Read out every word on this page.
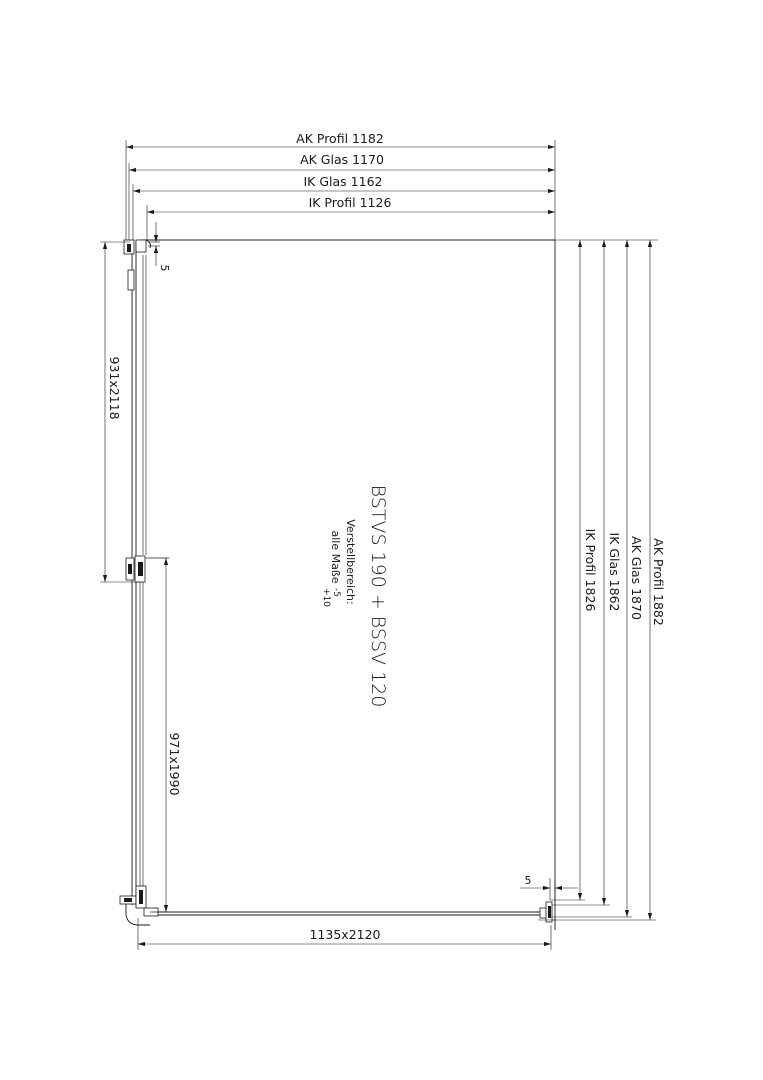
AK Profil 1182
AK Glas 1170
IK Glas 1162
IK Profil 1126
IK Profil 1826 IK Glas 1862 AK Glas 1870 AK Profil 1882
931x2118
971x1990
5
5
1135x2120
BSTVS 190 + BSSV 120
Verstellbereich:
alle Maße
-5
+10
